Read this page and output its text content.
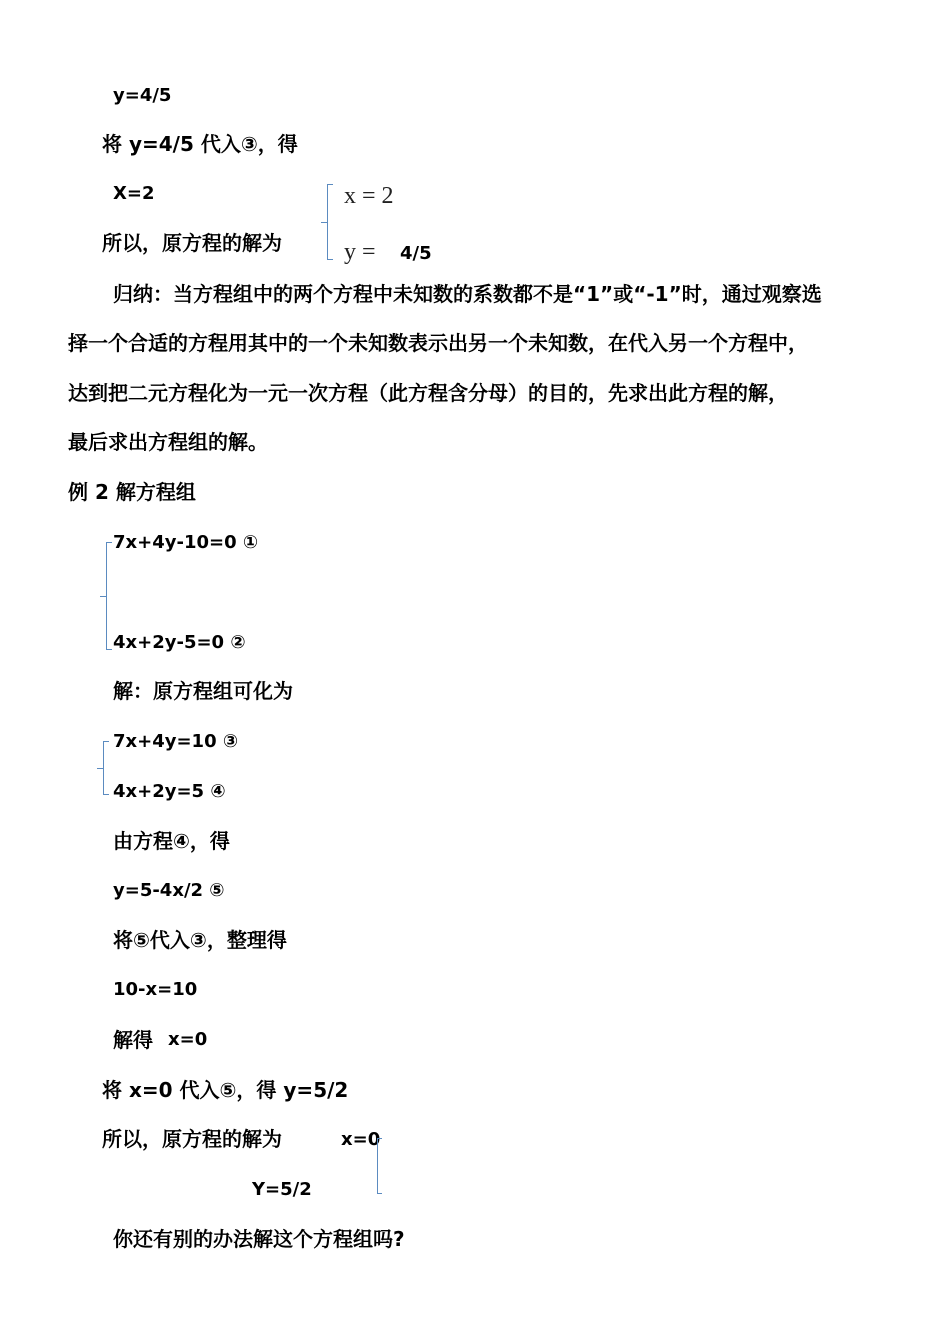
y=4/5
将 y=4/5 代入③，得
X=2	x = 2
所以，原方程的解为	y = 4/5
归纳：当方程组中的两个方程中未知数的系数都不是“1”或“-1”时，通过观察选
择一个合适的方程用其中的一个未知数表示出另一个未知数，在代入另一个方程中，
达到把二元方程化为一元一次方程（此方程含分母）的目的，先求出此方程的解，
最后求出方程组的解。
例 2 解方程组
7x+4y-10=0 ①
4x+2y-5=0 ②
解：原方程组可化为
7x+4y=10 ③
4x+2y=5 ④
由方程④，得
y=5-4x/2 ⑤
将⑤代入③，整理得
10-x=10
解得 x=0
将 x=0 代入⑤，得 y=5/2
所以，原方程的解为	x=0
Y=5/2
你还有别的办法解这个方程组吗?
